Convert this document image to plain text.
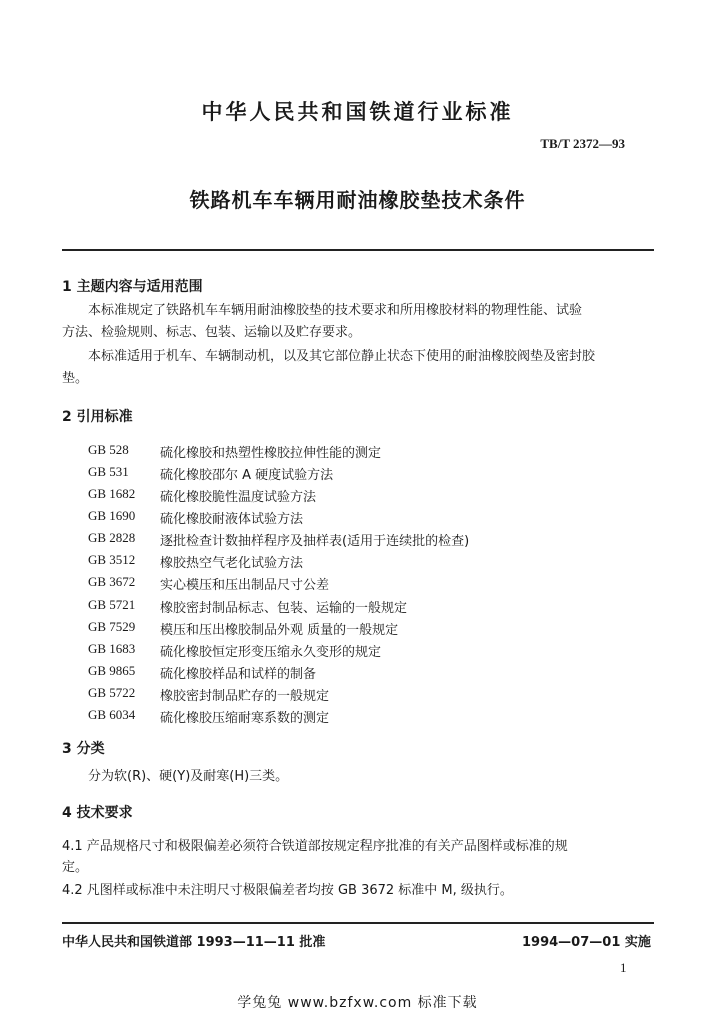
中华人民共和国铁道行业标准
TB/T 2372—93
铁路机车车辆用耐油橡胶垫技术条件
1 主题内容与适用范围
本标准规定了铁路机车车辆用耐油橡胶垫的技术要求和所用橡胶材料的物理性能、试验
方法、检验规则、标志、包装、运输以及贮存要求。
本标准适用于机车、车辆制动机，以及其它部位静止状态下使用的耐油橡胶阀垫及密封胶
垫。
2 引用标准
GB 528 硫化橡胶和热塑性橡胶拉伸性能的测定
GB 531 硫化橡胶邵尔 A 硬度试验方法
GB 1682 硫化橡胶脆性温度试验方法
GB 1690 硫化橡胶耐液体试验方法
GB 2828 逐批检查计数抽样程序及抽样表(适用于连续批的检查)
GB 3512 橡胶热空气老化试验方法
GB 3672 实心模压和压出制品尺寸公差
GB 5721 橡胶密封制品标志、包装、运输的一般规定
GB 7529 模压和压出橡胶制品外观 质量的一般规定
GB 1683 硫化橡胶恒定形变压缩永久变形的规定
GB 9865 硫化橡胶样品和试样的制备
GB 5722 橡胶密封制品贮存的一般规定
GB 6034 硫化橡胶压缩耐寒系数的测定
3 分类
分为软(R)、硬(Y)及耐寒(H)三类。
4 技术要求
4.1 产品规格尺寸和极限偏差必须符合铁道部按规定程序批准的有关产品图样或标准的规
定。
4.2 凡图样或标准中未注明尺寸极限偏差者均按 GB 3672 标准中 M, 级执行。
中华人民共和国铁道部 1993—11—11 批准	1994—07—01 实施
1
学兔兔 www.bzfxw.com 标准下载
